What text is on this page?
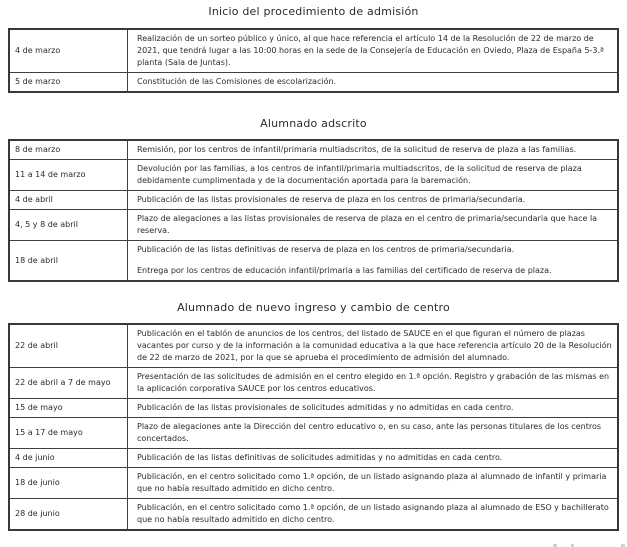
Inicio del procedimiento de admisión
4 de marzo	Realización de un sorteo público y único, al que hace referencia el artículo 14 de la Resolución de 22 de marzo de 2021, que tendrá lugar a las 10:00 horas en la sede de la Consejería de Educación en Oviedo, Plaza de España 5-3.ª planta (Sala de Juntas).

5 de marzo	Constitución de las Comisiones de escolarización.

Alumnado adscrito
8 de marzo	Remisión, por los centros de infantil/primaria multiadscritos, de la solicitud de reserva de plaza a las familias.

11 a 14 de marzo	Devolución por las familias, a los centros de infantil/primaria multiadscritos, de la solicitud de reserva de plaza debidamente cumplimentada y de la documentación aportada para la baremación.

4 de abril	Publicación de las listas provisionales de reserva de plaza en los centros de primaria/secundaria.

4, 5 y 8 de abril	Plazo de alegaciones a las listas provisionales de reserva de plaza en el centro de primaria/secundaria que hace la reserva.

18 de abril	Publicación de las listas definitivas de reserva de plaza en los centros de primaria/secundaria.

Entrega por los centros de educación infantil/primaria a las familias del certificado de reserva de plaza.

Alumnado de nuevo ingreso y cambio de centro
22 de abril	Publicación en el tablón de anuncios de los centros, del listado de SAUCE en el que figuran el número de plazas vacantes por curso y de la información a la comunidad educativa a la que hace referencia artículo 20 de la Resolución de 22 de marzo de 2021, por la que se aprueba el procedimiento de admisión del alumnado.

22 de abril a 7 de mayo	Presentación de las solicitudes de admisión en el centro elegido en 1.ª opción. Registro y grabación de las mismas en la aplicación corporativa SAUCE por los centros educativos.

15 de mayo	Publicación de las listas provisionales de solicitudes admitidas y no admitidas en cada centro.

15 a 17 de mayo	Plazo de alegaciones ante la Dirección del centro educativo o, en su caso, ante las personas titulares de los centros concertados.

4 de junio	Publicación de las listas definitivas de solicitudes admitidas y no admitidas en cada centro.

18 de junio	Publicación, en el centro solicitado como 1.ª opción, de un listado asignando plaza al alumnado de infantil y primaria que no había resultado admitido en dicho centro.

28 de junio	Publicación, en el centro solicitado como 1.ª opción, de un listado asignando plaza al alumnado de ESO y bachillerato que no había resultado admitido en dicho centro.
